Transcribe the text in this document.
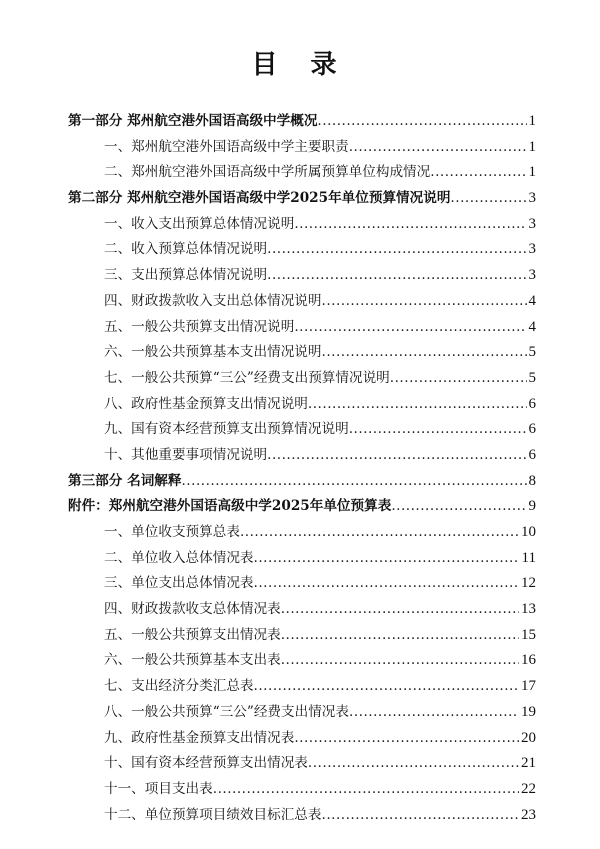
目 录
第一部分 郑州航空港外国语高级中学概况 .....	1
一、郑州航空港外国语高级中学主要职责 .....	1
二、郑州航空港外国语高级中学所属预算单位构成情况 .....	1
第二部分 郑州航空港外国语高级中学2025年单位预算情况说明 .....	3
一、收入支出预算总体情况说明 .....	3
二、收入预算总体情况说明 .....	3
三、支出预算总体情况说明 .....	3
四、财政拨款收入支出总体情况说明 .....	4
五、一般公共预算支出情况说明 .....	4
六、一般公共预算基本支出情况说明 .....	5
七、一般公共预算“三公”经费支出预算情况说明 .....	5
八、政府性基金预算支出情况说明 .....	6
九、国有资本经营预算支出预算情况说明 .....	6
十、其他重要事项情况说明 .....	6
第三部分 名词解释 .....	8
附件：郑州航空港外国语高级中学2025年单位预算表 .....	9
一、单位收支预算总表 .....	10
二、单位收入总体情况表 .....	11
三、单位支出总体情况表 .....	12
四、财政拨款收支总体情况表 .....	13
五、一般公共预算支出情况表 .....	15
六、一般公共预算基本支出表 .....	16
七、支出经济分类汇总表 .....	17
八、一般公共预算“三公”经费支出情况表 .....	19
九、政府性基金预算支出情况表 .....	20
十、国有资本经营预算支出情况表 .....	21
十一、项目支出表 .....	22
十二、单位预算项目绩效目标汇总表 .....	23
